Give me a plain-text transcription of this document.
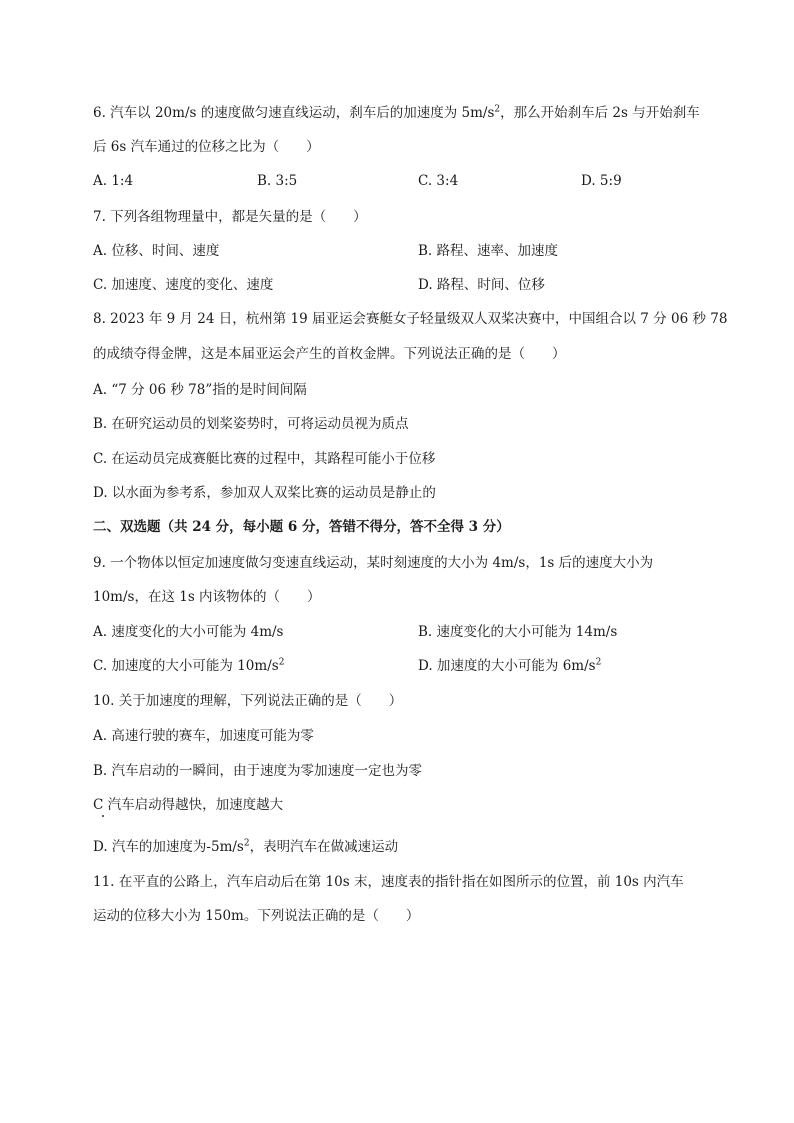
6. 汽车以 20m/s 的速度做匀速直线运动，刹车后的加速度为 $5m/s^2$，那么开始刹车后 2s 与开始刹车
后 6s 汽车通过的位移之比为（　　）
A. 1:4	B. 3:5	C. 3:4	D. 5:9
7. 下列各组物理量中，都是矢量的是（　　）
A. 位移、时间、速度	B. 路程、速率、加速度
C. 加速度、速度的变化、速度	D. 路程、时间、位移
8. 2023 年 9 月 24 日，杭州第 19 届亚运会赛艇女子轻量级双人双桨决赛中，中国组合以 7 分 06 秒 78
的成绩夺得金牌，这是本届亚运会产生的首枚金牌。下列说法正确的是（　　）
A. “7 分 06 秒 78”指的是时间间隔
B. 在研究运动员的划桨姿势时，可将运动员视为质点
C. 在运动员完成赛艇比赛的过程中，其路程可能小于位移
D. 以水面为参考系，参加双人双桨比赛的运动员是静止的
二、双选题（共 24 分，每小题 6 分，答错不得分，答不全得 3 分）
9. 一个物体以恒定加速度做匀变速直线运动，某时刻速度的大小为 4m/s，1s 后的速度大小为
10m/s，在这 1s 内该物体的（　　）
A. 速度变化的大小可能为 4m/s	B. 速度变化的大小可能为 14m/s
C. 加速度的大小可能为 $10m/s^2$	D. 加速度的大小可能为 $6m/s^2$
10. 关于加速度的理解，下列说法正确的是（　　）
A. 高速行驶的赛车，加速度可能为零
B. 汽车启动的一瞬间，由于速度为零加速度一定也为零
C 汽车启动得越快，加速度越大
D. 汽车的加速度为$-5m/s^2$，表明汽车在做减速运动
11. 在平直的公路上，汽车启动后在第 10s 末，速度表的指针指在如图所示的位置，前 10s 内汽车
运动的位移大小为 150m。下列说法正确的是（　　）
